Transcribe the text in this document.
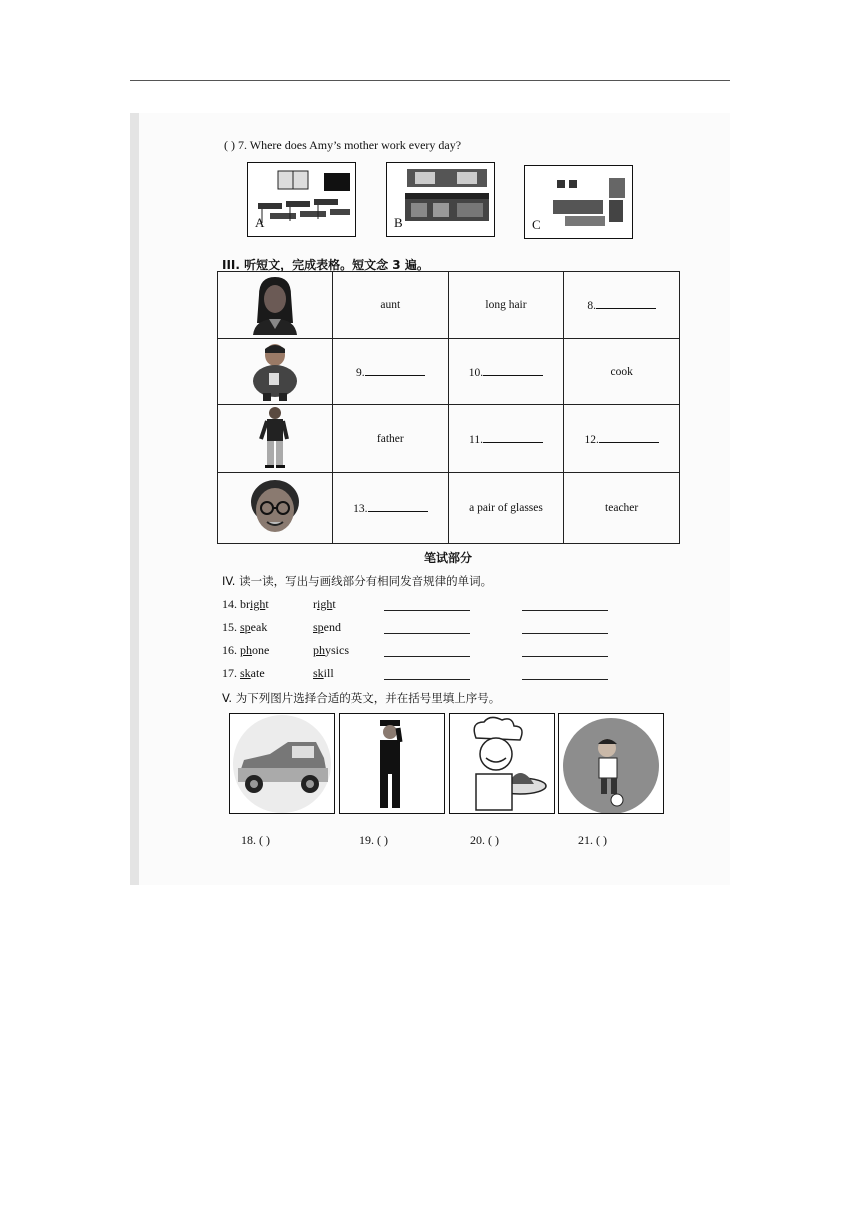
( ) 7. Where does Amy’s mother work every day?
A	B	C
III. 听短文，完成表格。短文念 3 遍。
	aunt	long hair	8.
	9.	10.	cook
	father	11.	12.
	13.	a pair of glasses	teacher
笔试部分
IV. 读一读，写出与画线部分有相同发音规律的单词。
14. bright	right
15. speak	spend
16. phone	physics
17. skate	skill
V. 为下列图片选择合适的英文，并在括号里填上序号。
18. ( )	19. ( )	20. ( )	21. ( )
